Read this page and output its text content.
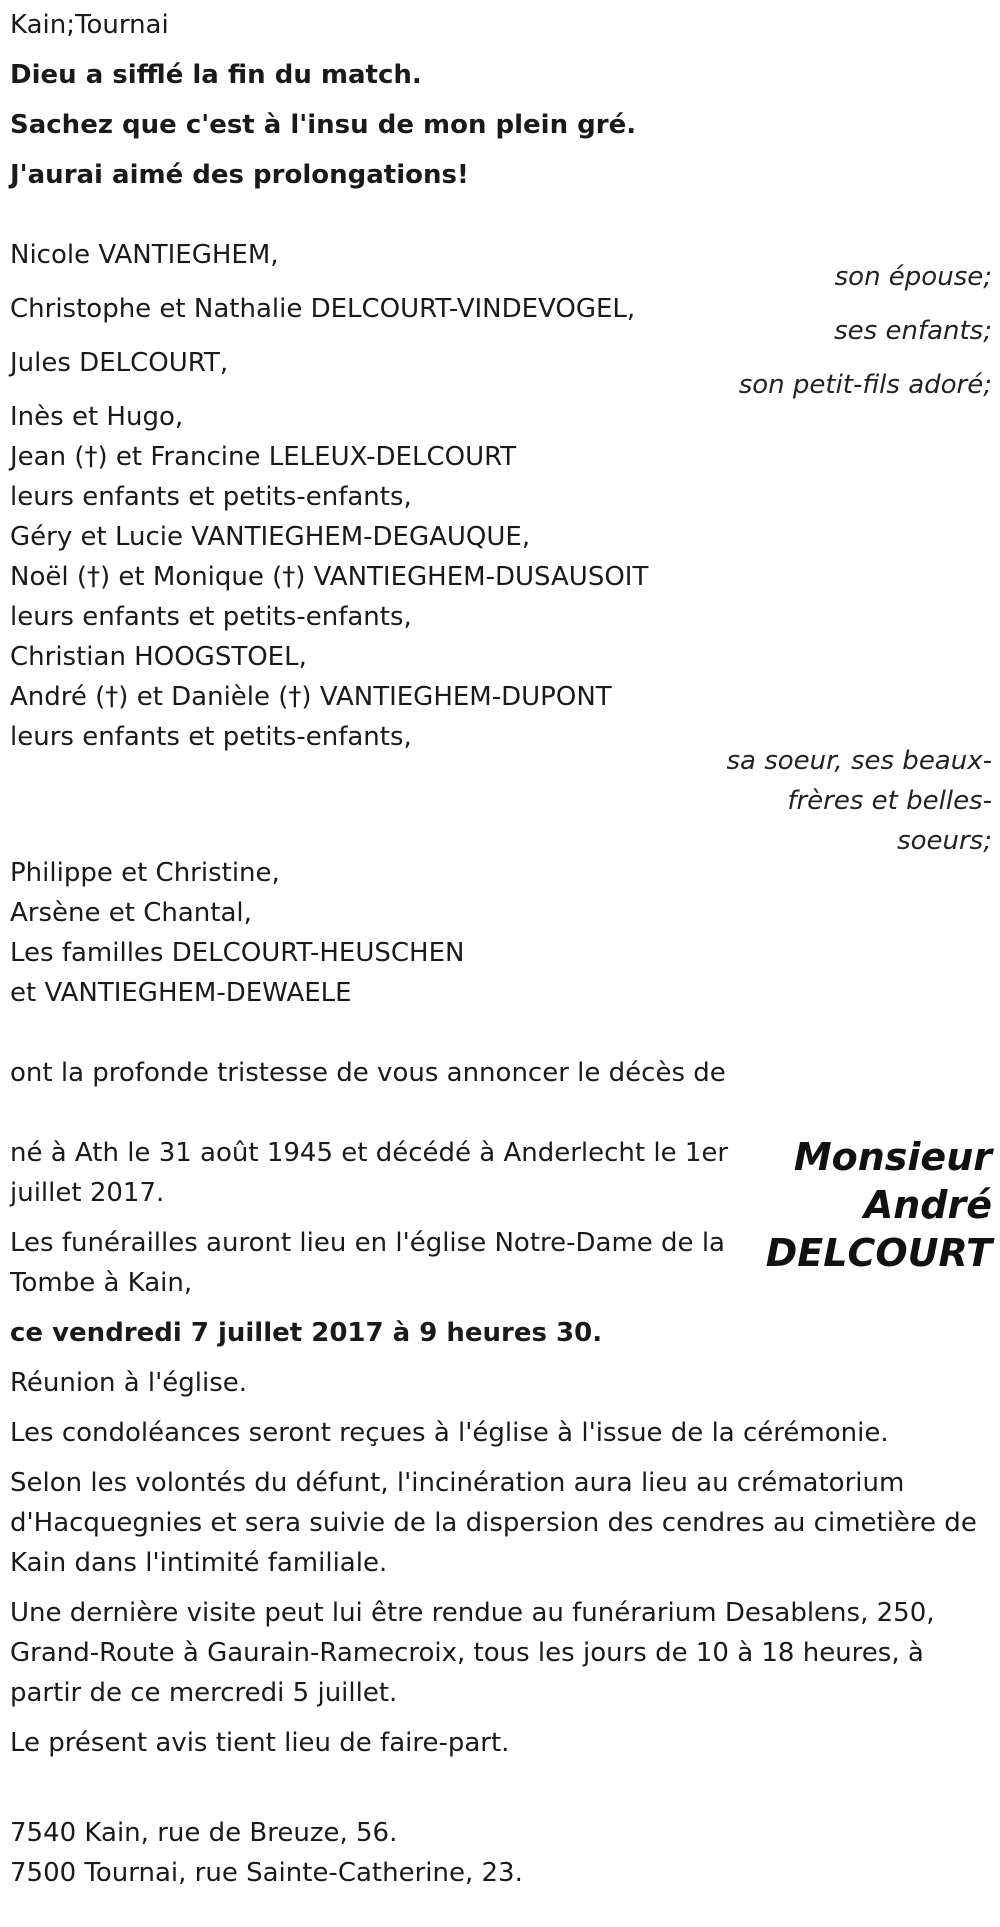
Kain;Tournai

Dieu a sifflé la fin du match.

Sachez que c'est à l'insu de mon plein gré.

J'aurai aimé des prolongations!

Nicole VANTIEGHEM,

son épouse;

Christophe et Nathalie DELCOURT-VINDEVOGEL,

ses enfants;

Jules DELCOURT,

son petit-fils adoré;

Inès et Hugo,

Jean (†) et Francine LELEUX-DELCOURT

leurs enfants et petits-enfants,

Géry et Lucie VANTIEGHEM-DEGAUQUE,

Noël (†) et Monique (†) VANTIEGHEM-DUSAUSOIT

leurs enfants et petits-enfants,

Christian HOOGSTOEL,

André (†) et Danièle (†) VANTIEGHEM-DUPONT

leurs enfants et petits-enfants,

sa soeur, ses beaux-

frères et belles-

soeurs;

Philippe et Christine,

Arsène et Chantal,

Les familles DELCOURT-HEUSCHEN

et VANTIEGHEM-DEWAELE

ont la profonde tristesse de vous annoncer le décès de

Monsieur
André
DELCOURT

né à Ath le 31 août 1945 et décédé à Anderlecht le 1er juillet 2017.

Les funérailles auront lieu en l'église Notre-Dame de la Tombe à Kain,

ce vendredi 7 juillet 2017 à 9 heures 30.

Réunion à l'église.

Les condoléances seront reçues à l'église à l'issue de la cérémonie.

Selon les volontés du défunt, l'incinération aura lieu au crématorium d'Hacquegnies et sera suivie de la dispersion des cendres au cimetière de Kain dans l'intimité familiale.

Une dernière visite peut lui être rendue au funérarium Desablens, 250, Grand-Route à Gaurain-Ramecroix, tous les jours de 10 à 18 heures, à partir de ce mercredi 5 juillet.

Le présent avis tient lieu de faire-part.

7540 Kain, rue de Breuze, 56.

7500 Tournai, rue Sainte-Catherine, 23.
